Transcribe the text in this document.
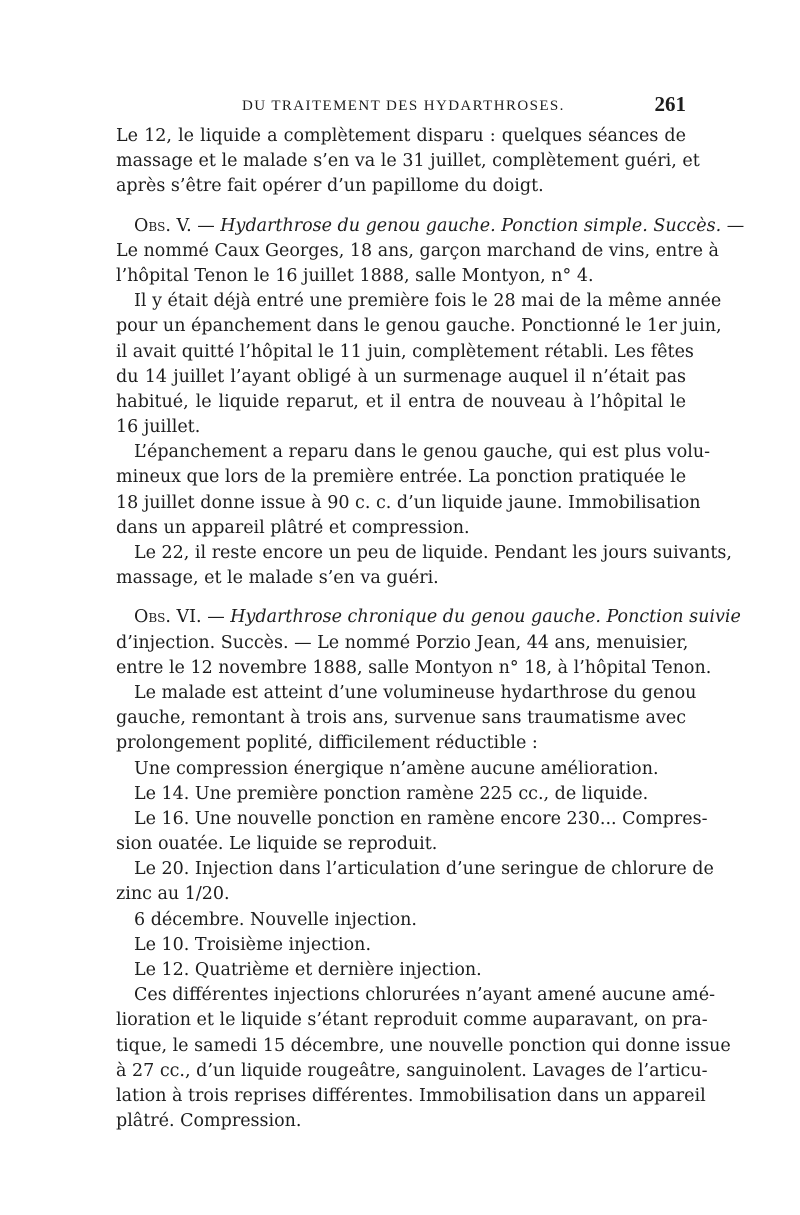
DU TRAITEMENT DES HYDARTHROSES.	261
Le 12, le liquide a complètement disparu : quelques séances de
massage et le malade s’en va le 31 juillet, complètement guéri, et
après s’être fait opérer d’un papillome du doigt.
Obs. V. — Hydarthrose du genou gauche. Ponction simple. Succès. —
Le nommé Caux Georges, 18 ans, garçon marchand de vins, entre à
l’hôpital Tenon le 16 juillet 1888, salle Montyon, n° 4.
Il y était déjà entré une première fois le 28 mai de la même année
pour un épanchement dans le genou gauche. Ponctionné le 1er juin,
il avait quitté l’hôpital le 11 juin, complètement rétabli. Les fêtes
du 14 juillet l’ayant obligé à un surmenage auquel il n’était pas
habitué, le liquide reparut, et il entra de nouveau à l’hôpital le
16 juillet.
L’épanchement a reparu dans le genou gauche, qui est plus volu-
mineux que lors de la première entrée. La ponction pratiquée le
18 juillet donne issue à 90 c. c. d’un liquide jaune. Immobilisation
dans un appareil plâtré et compression.
Le 22, il reste encore un peu de liquide. Pendant les jours suivants,
massage, et le malade s’en va guéri.
Obs. VI. — Hydarthrose chronique du genou gauche. Ponction suivie
d’injection. Succès. — Le nommé Porzio Jean, 44 ans, menuisier,
entre le 12 novembre 1888, salle Montyon n° 18, à l’hôpital Tenon.
Le malade est atteint d’une volumineuse hydarthrose du genou
gauche, remontant à trois ans, survenue sans traumatisme avec
prolongement poplité, difficilement réductible :
Une compression énergique n’amène aucune amélioration.
Le 14. Une première ponction ramène 225 cc., de liquide.
Le 16. Une nouvelle ponction en ramène encore 230... Compres-
sion ouatée. Le liquide se reproduit.
Le 20. Injection dans l’articulation d’une seringue de chlorure de
zinc au 1/20.
6 décembre. Nouvelle injection.
Le 10. Troisième injection.
Le 12. Quatrième et dernière injection.
Ces différentes injections chlorurées n’ayant amené aucune amé-
lioration et le liquide s’étant reproduit comme auparavant, on pra-
tique, le samedi 15 décembre, une nouvelle ponction qui donne issue
à 27 cc., d’un liquide rougeâtre, sanguinolent. Lavages de l’articu-
lation à trois reprises différentes. Immobilisation dans un appareil
plâtré. Compression.
